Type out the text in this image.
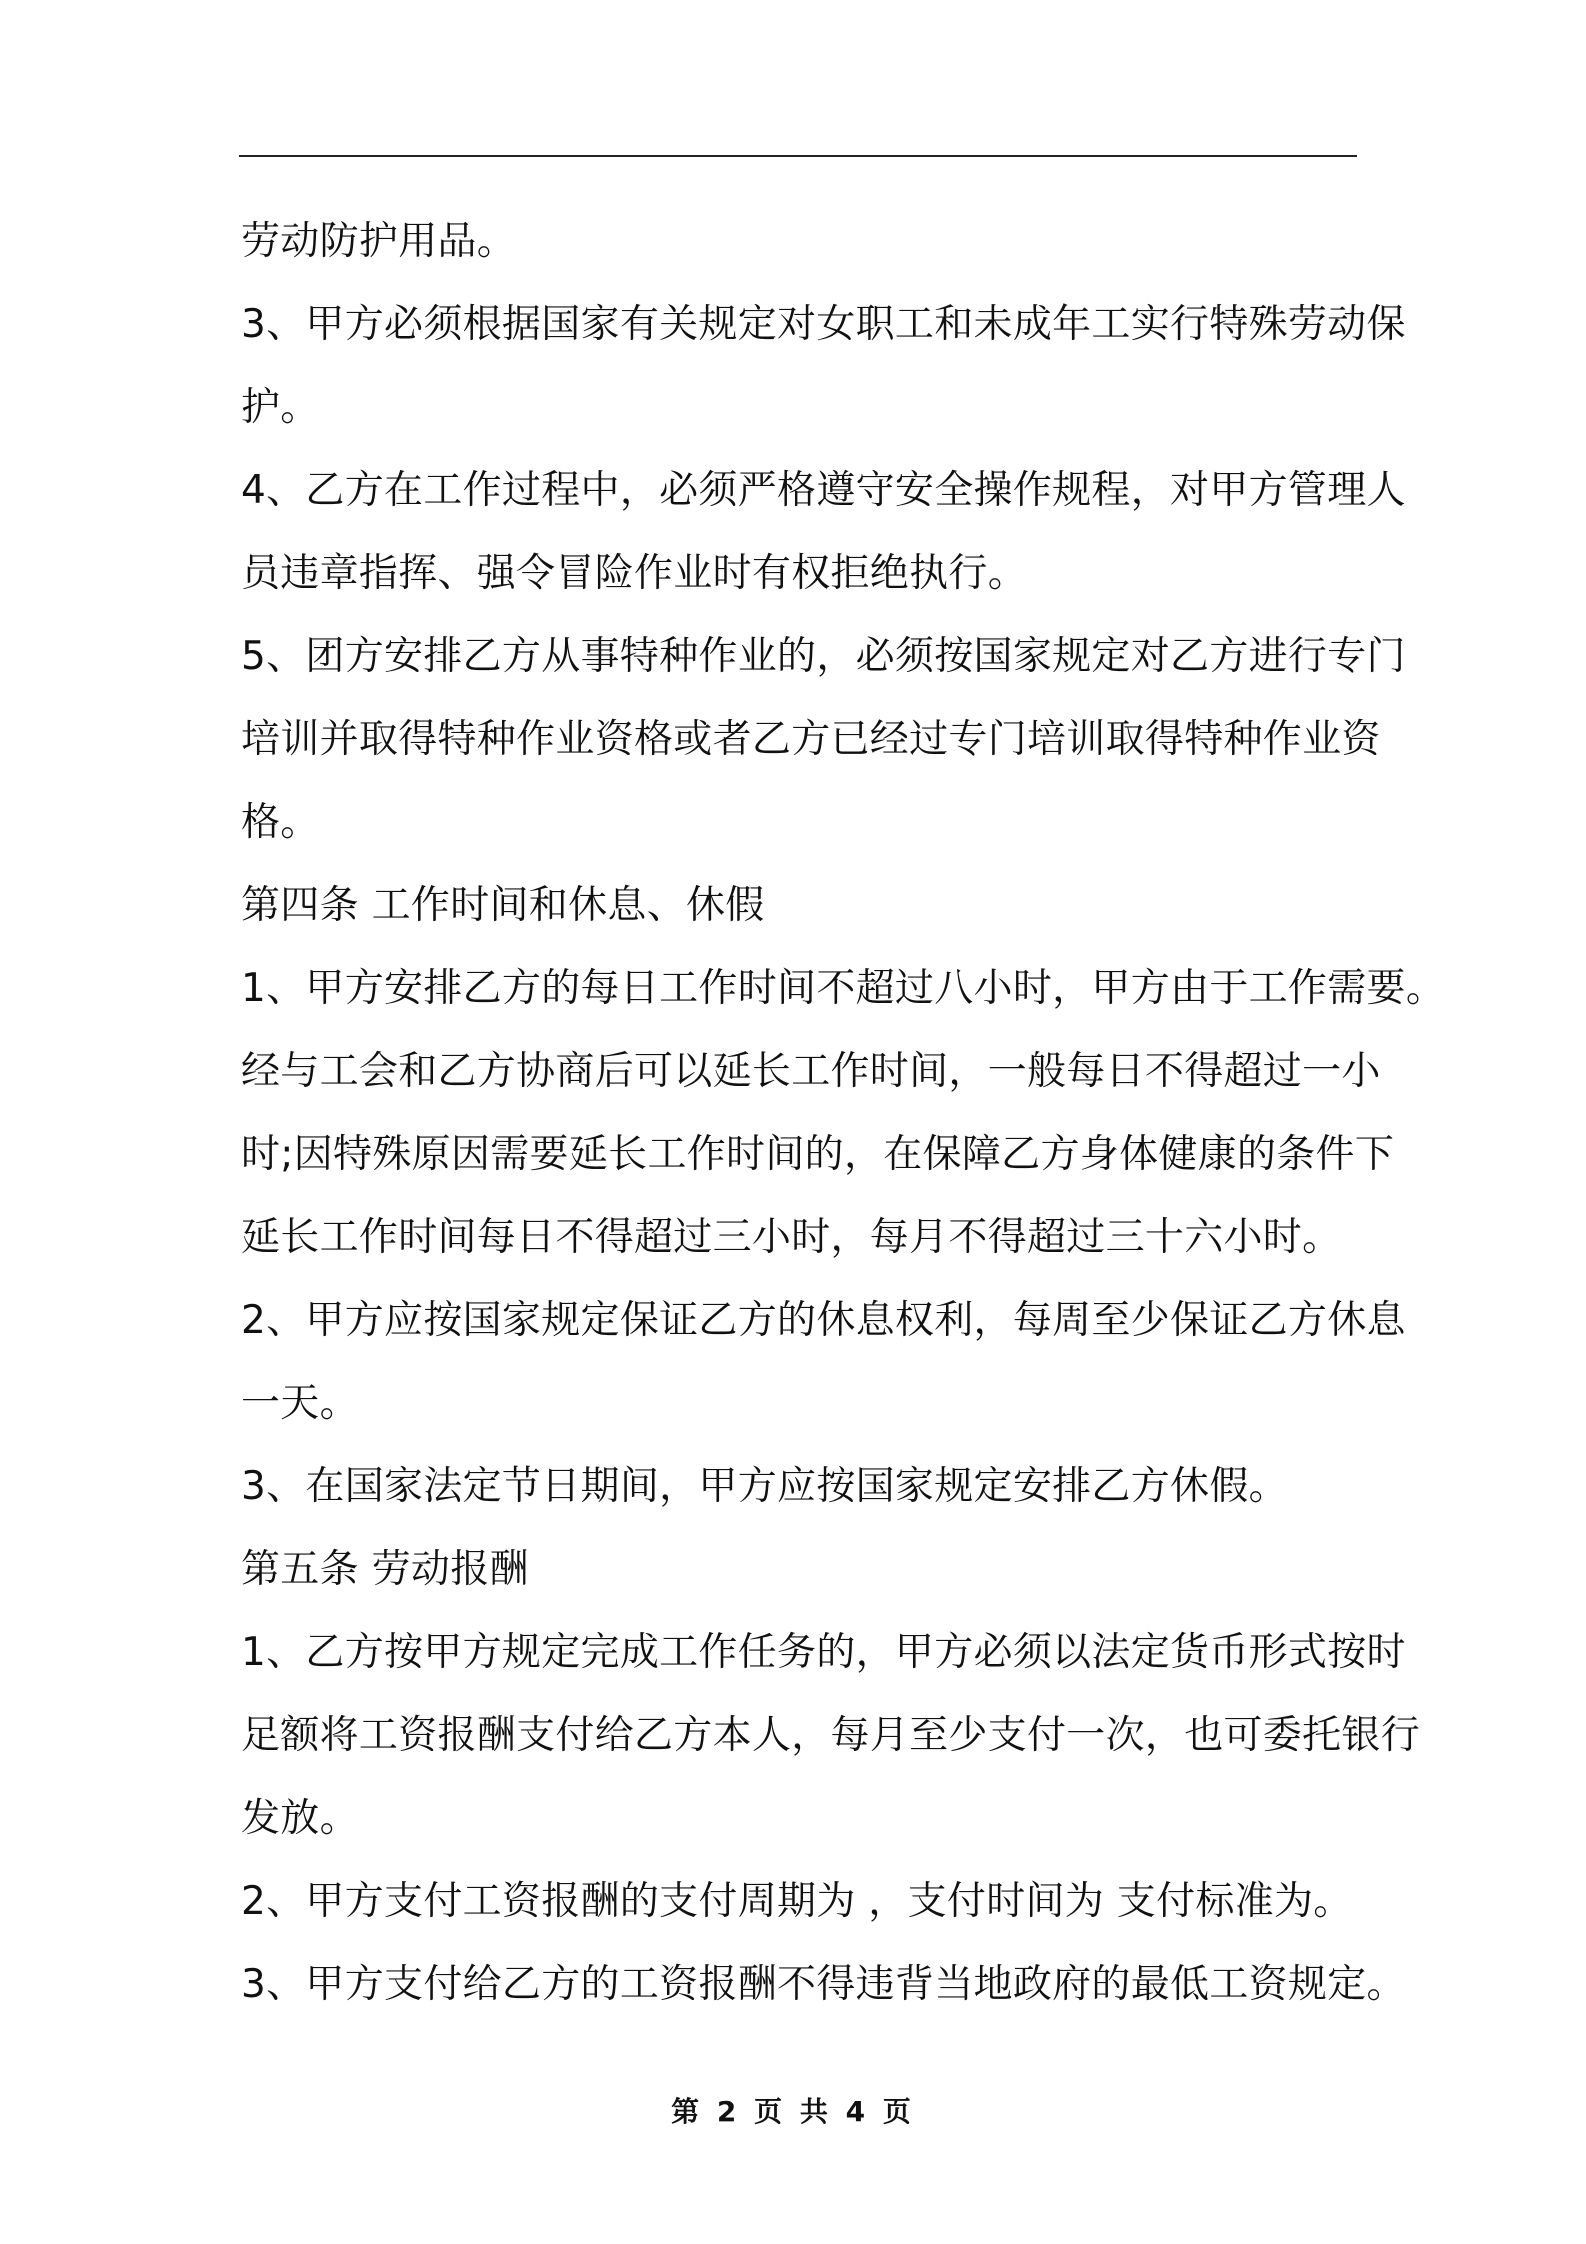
劳动防护用品。
3、甲方必须根据国家有关规定对女职工和未成年工实行特殊劳动保
护。
4、乙方在工作过程中，必须严格遵守安全操作规程，对甲方管理人
员违章指挥、强令冒险作业时有权拒绝执行。
5、团方安排乙方从事特种作业的，必须按国家规定对乙方进行专门
培训并取得特种作业资格或者乙方已经过专门培训取得特种作业资
格。
第四条 工作时间和休息、休假
1、甲方安排乙方的每日工作时间不超过八小时，甲方由于工作需要。
经与工会和乙方协商后可以延长工作时间，一般每日不得超过一小
时;因特殊原因需要延长工作时间的，在保障乙方身体健康的条件下
延长工作时间每日不得超过三小时，每月不得超过三十六小时。
2、甲方应按国家规定保证乙方的休息权利，每周至少保证乙方休息
一天。
3、在国家法定节日期间，甲方应按国家规定安排乙方休假。
第五条 劳动报酬
1、乙方按甲方规定完成工作任务的，甲方必须以法定货币形式按时
足额将工资报酬支付给乙方本人，每月至少支付一次，也可委托银行
发放。
2、甲方支付工资报酬的支付周期为 ，支付时间为 支付标准为。
3、甲方支付给乙方的工资报酬不得违背当地政府的最低工资规定。
第 2 页 共 4 页
